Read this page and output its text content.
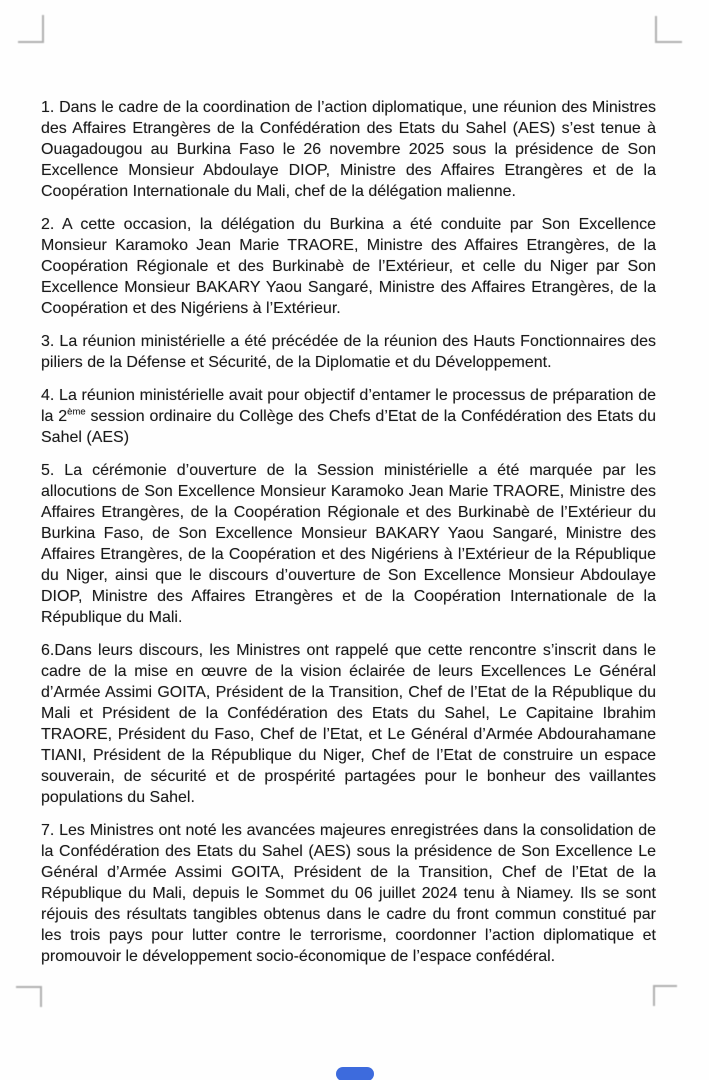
1. Dans le cadre de la coordination de l’action diplomatique, une réunion des Ministres des Affaires Etrangères de la Confédération des Etats du Sahel (AES) s’est tenue à Ouagadougou au Burkina Faso le 26 novembre 2025 sous la présidence de Son Excellence Monsieur Abdoulaye DIOP, Ministre des Affaires Etrangères et de la Coopération Internationale du Mali, chef de la délégation malienne.

2. A cette occasion, la délégation du Burkina a été conduite par Son Excellence Monsieur Karamoko Jean Marie TRAORE, Ministre des Affaires Etrangères, de la Coopération Régionale et des Burkinabè de l’Extérieur, et celle du Niger par Son Excellence Monsieur BAKARY Yaou Sangaré, Ministre des Affaires Etrangères, de la Coopération et des Nigériens à l’Extérieur.

3. La réunion ministérielle a été précédée de la réunion des Hauts Fonctionnaires des piliers de la Défense et Sécurité, de la Diplomatie et du Développement.

4. La réunion ministérielle avait pour objectif d’entamer le processus de préparation de la 2ème session ordinaire du Collège des Chefs d’Etat de la Confédération des Etats du Sahel (AES)

5. La cérémonie d’ouverture de la Session ministérielle a été marquée par les allocutions de Son Excellence Monsieur Karamoko Jean Marie TRAORE, Ministre des Affaires Etrangères, de la Coopération Régionale et des Burkinabè de l’Extérieur du Burkina Faso, de Son Excellence Monsieur BAKARY Yaou Sangaré, Ministre des Affaires Etrangères, de la Coopération et des Nigériens à l’Extérieur de la République du Niger, ainsi que le discours d’ouverture de Son Excellence Monsieur Abdoulaye DIOP, Ministre des Affaires Etrangères et de la Coopération Internationale de la République du Mali.

6.Dans leurs discours, les Ministres ont rappelé que cette rencontre s’inscrit dans le cadre de la mise en œuvre de la vision éclairée de leurs Excellences Le Général d’Armée Assimi GOITA, Président de la Transition, Chef de l’Etat de la République du Mali et Président de la Confédération des Etats du Sahel, Le Capitaine Ibrahim TRAORE, Président du Faso, Chef de l’Etat, et Le Général d’Armée Abdourahamane TIANI, Président de la République du Niger, Chef de l’Etat de construire un espace souverain, de sécurité et de prospérité partagées pour le bonheur des vaillantes populations du Sahel.

7. Les Ministres ont noté les avancées majeures enregistrées dans la consolidation de la Confédération des Etats du Sahel (AES) sous la présidence de Son Excellence Le Général d’Armée Assimi GOITA, Président de la Transition, Chef de l’Etat de la République du Mali, depuis le Sommet du 06 juillet 2024 tenu à Niamey. Ils se sont réjouis des résultats tangibles obtenus dans le cadre du front commun constitué par les trois pays pour lutter contre le terrorisme, coordonner l’action diplomatique et promouvoir le développement socio-économique de l’espace confédéral.
